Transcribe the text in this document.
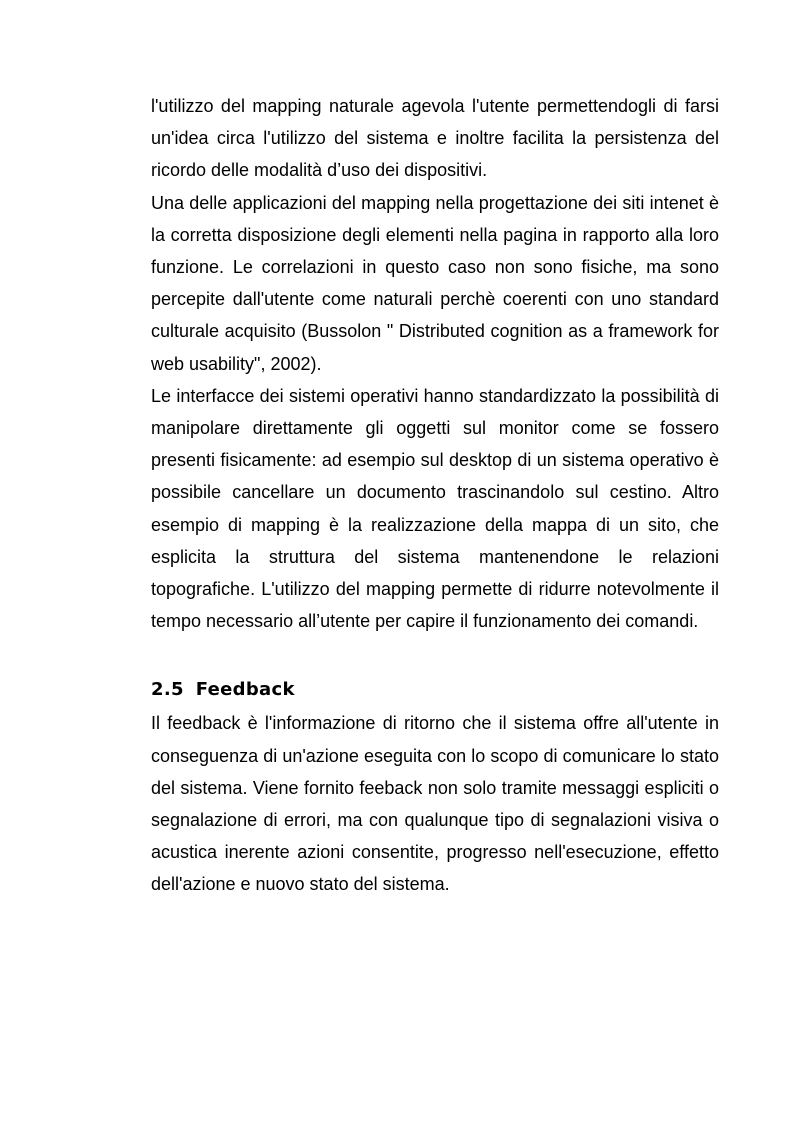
l'utilizzo del mapping naturale agevola l'utente permettendogli di farsi un'idea circa l'utilizzo del sistema e inoltre facilita la persistenza del ricordo delle modalità d’uso dei dispositivi.

Una delle applicazioni del mapping nella progettazione dei siti intenet è la corretta disposizione degli elementi nella pagina in rapporto alla loro funzione. Le correlazioni in questo caso non sono fisiche, ma sono percepite dall'utente come naturali perchè coerenti con uno standard culturale acquisito (Bussolon " Distributed cognition as a framework for web usability", 2002).

Le interfacce dei sistemi operativi hanno standardizzato la possibilità di manipolare direttamente gli oggetti sul monitor come se fossero presenti fisicamente: ad esempio sul desktop di un sistema operativo è possibile cancellare un documento trascinandolo sul cestino. Altro esempio di mapping è la realizzazione della mappa di un sito, che esplicita la struttura del sistema mantenendone le relazioni topografiche. L'utilizzo del mapping permette di ridurre notevolmente il tempo necessario all’utente per capire il funzionamento dei comandi.

2.5 Feedback

Il feedback è l'informazione di ritorno che il sistema offre all'utente in conseguenza di un'azione eseguita con lo scopo di comunicare lo stato del sistema. Viene fornito feeback non solo tramite messaggi espliciti o segnalazione di errori, ma con qualunque tipo di segnalazioni visiva o acustica inerente azioni consentite, progresso nell'esecuzione, effetto dell'azione e nuovo stato del sistema.
